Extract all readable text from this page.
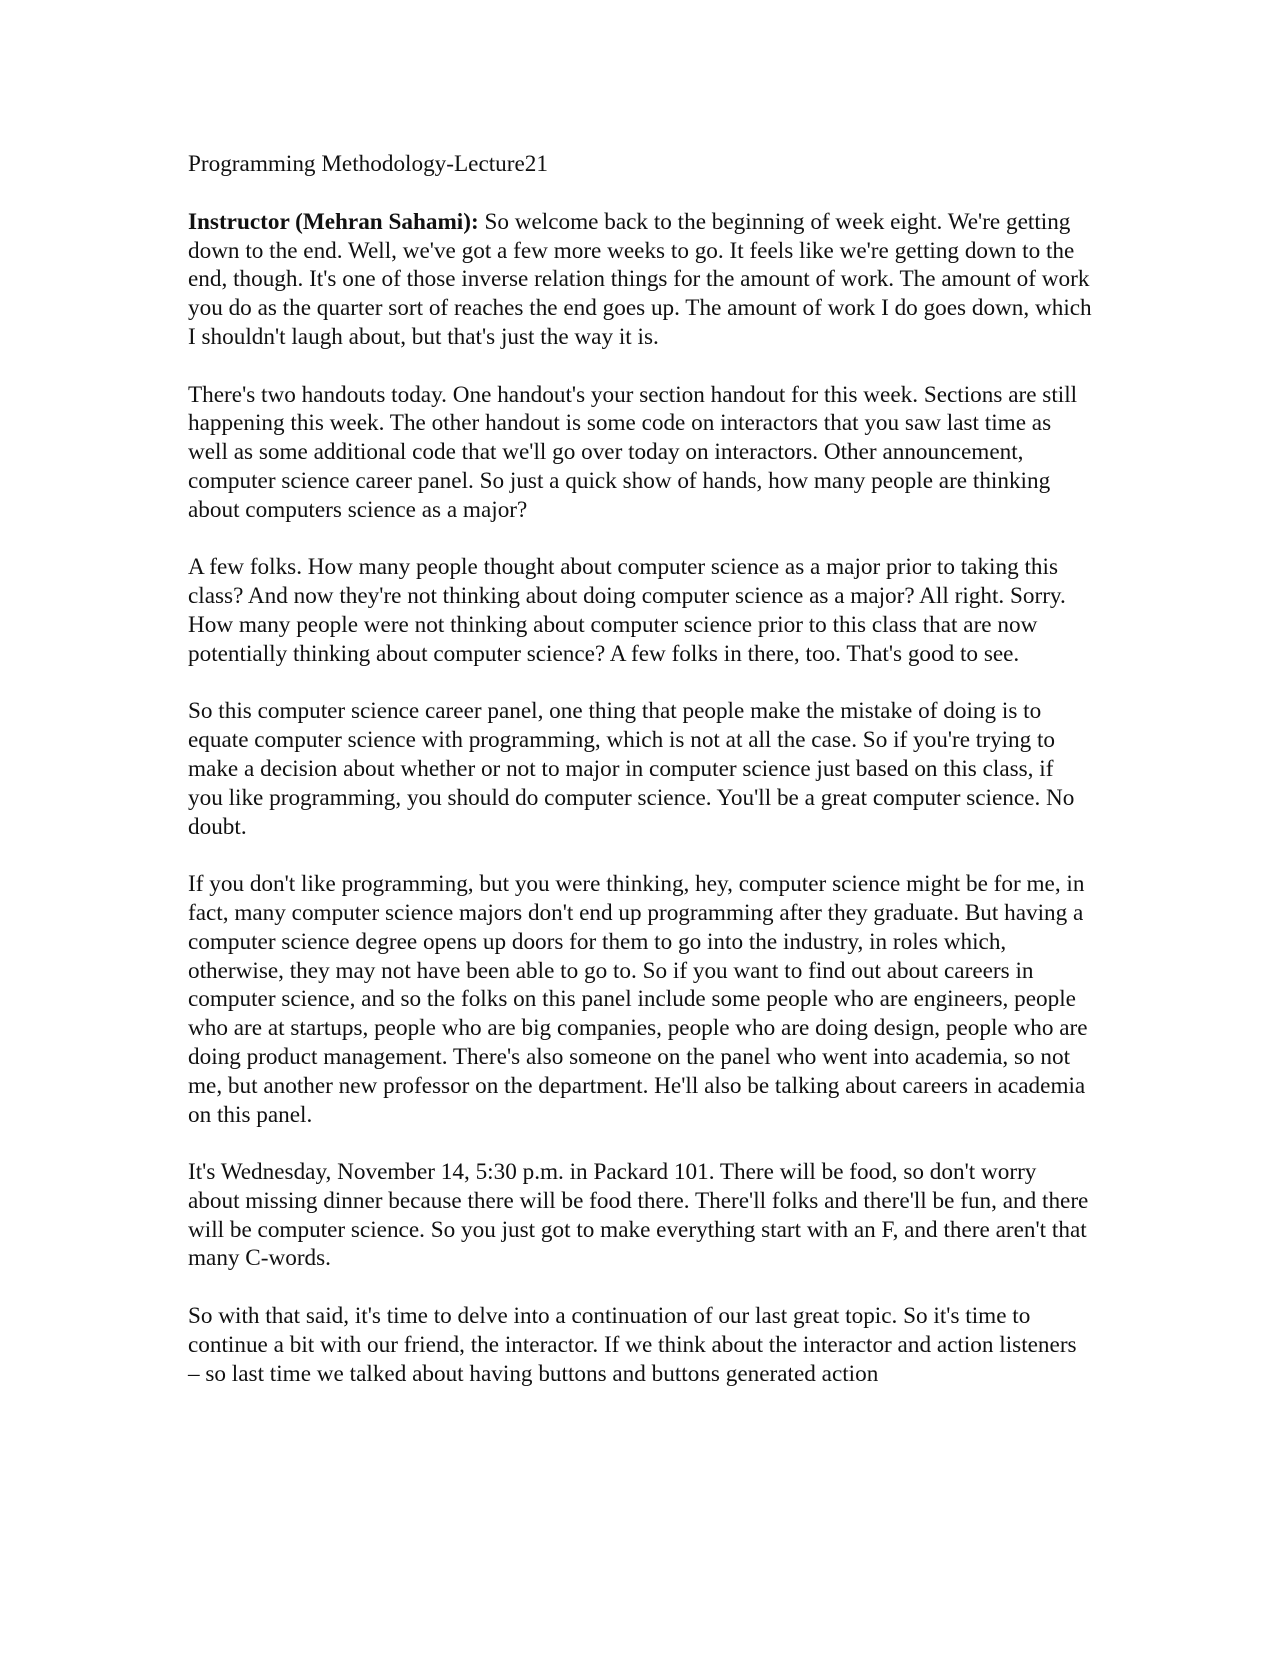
Programming Methodology-Lecture21

Instructor (Mehran Sahami): So welcome back to the beginning of week eight. We're getting down to the end. Well, we've got a few more weeks to go. It feels like we're getting down to the end, though. It's one of those inverse relation things for the amount of work. The amount of work you do as the quarter sort of reaches the end goes up. The amount of work I do goes down, which I shouldn't laugh about, but that's just the way it is.

There's two handouts today. One handout's your section handout for this week. Sections are still happening this week. The other handout is some code on interactors that you saw last time as well as some additional code that we'll go over today on interactors. Other announcement, computer science career panel. So just a quick show of hands, how many people are thinking about computers science as a major?

A few folks. How many people thought about computer science as a major prior to taking this class? And now they're not thinking about doing computer science as a major? All right. Sorry. How many people were not thinking about computer science prior to this class that are now potentially thinking about computer science? A few folks in there, too. That's good to see.

So this computer science career panel, one thing that people make the mistake of doing is to equate computer science with programming, which is not at all the case. So if you're trying to make a decision about whether or not to major in computer science just based on this class, if you like programming, you should do computer science. You'll be a great computer science. No doubt.

If you don't like programming, but you were thinking, hey, computer science might be for me, in fact, many computer science majors don't end up programming after they graduate. But having a computer science degree opens up doors for them to go into the industry, in roles which, otherwise, they may not have been able to go to. So if you want to find out about careers in computer science, and so the folks on this panel include some people who are engineers, people who are at startups, people who are big companies, people who are doing design, people who are doing product management. There's also someone on the panel who went into academia, so not me, but another new professor on the department. He'll also be talking about careers in academia on this panel.

It's Wednesday, November 14, 5:30 p.m. in Packard 101. There will be food, so don't worry about missing dinner because there will be food there. There'll folks and there'll be fun, and there will be computer science. So you just got to make everything start with an F, and there aren't that many C-words.

So with that said, it's time to delve into a continuation of our last great topic. So it's time to continue a bit with our friend, the interactor. If we think about the interactor and action listeners – so last time we talked about having buttons and buttons generated action
